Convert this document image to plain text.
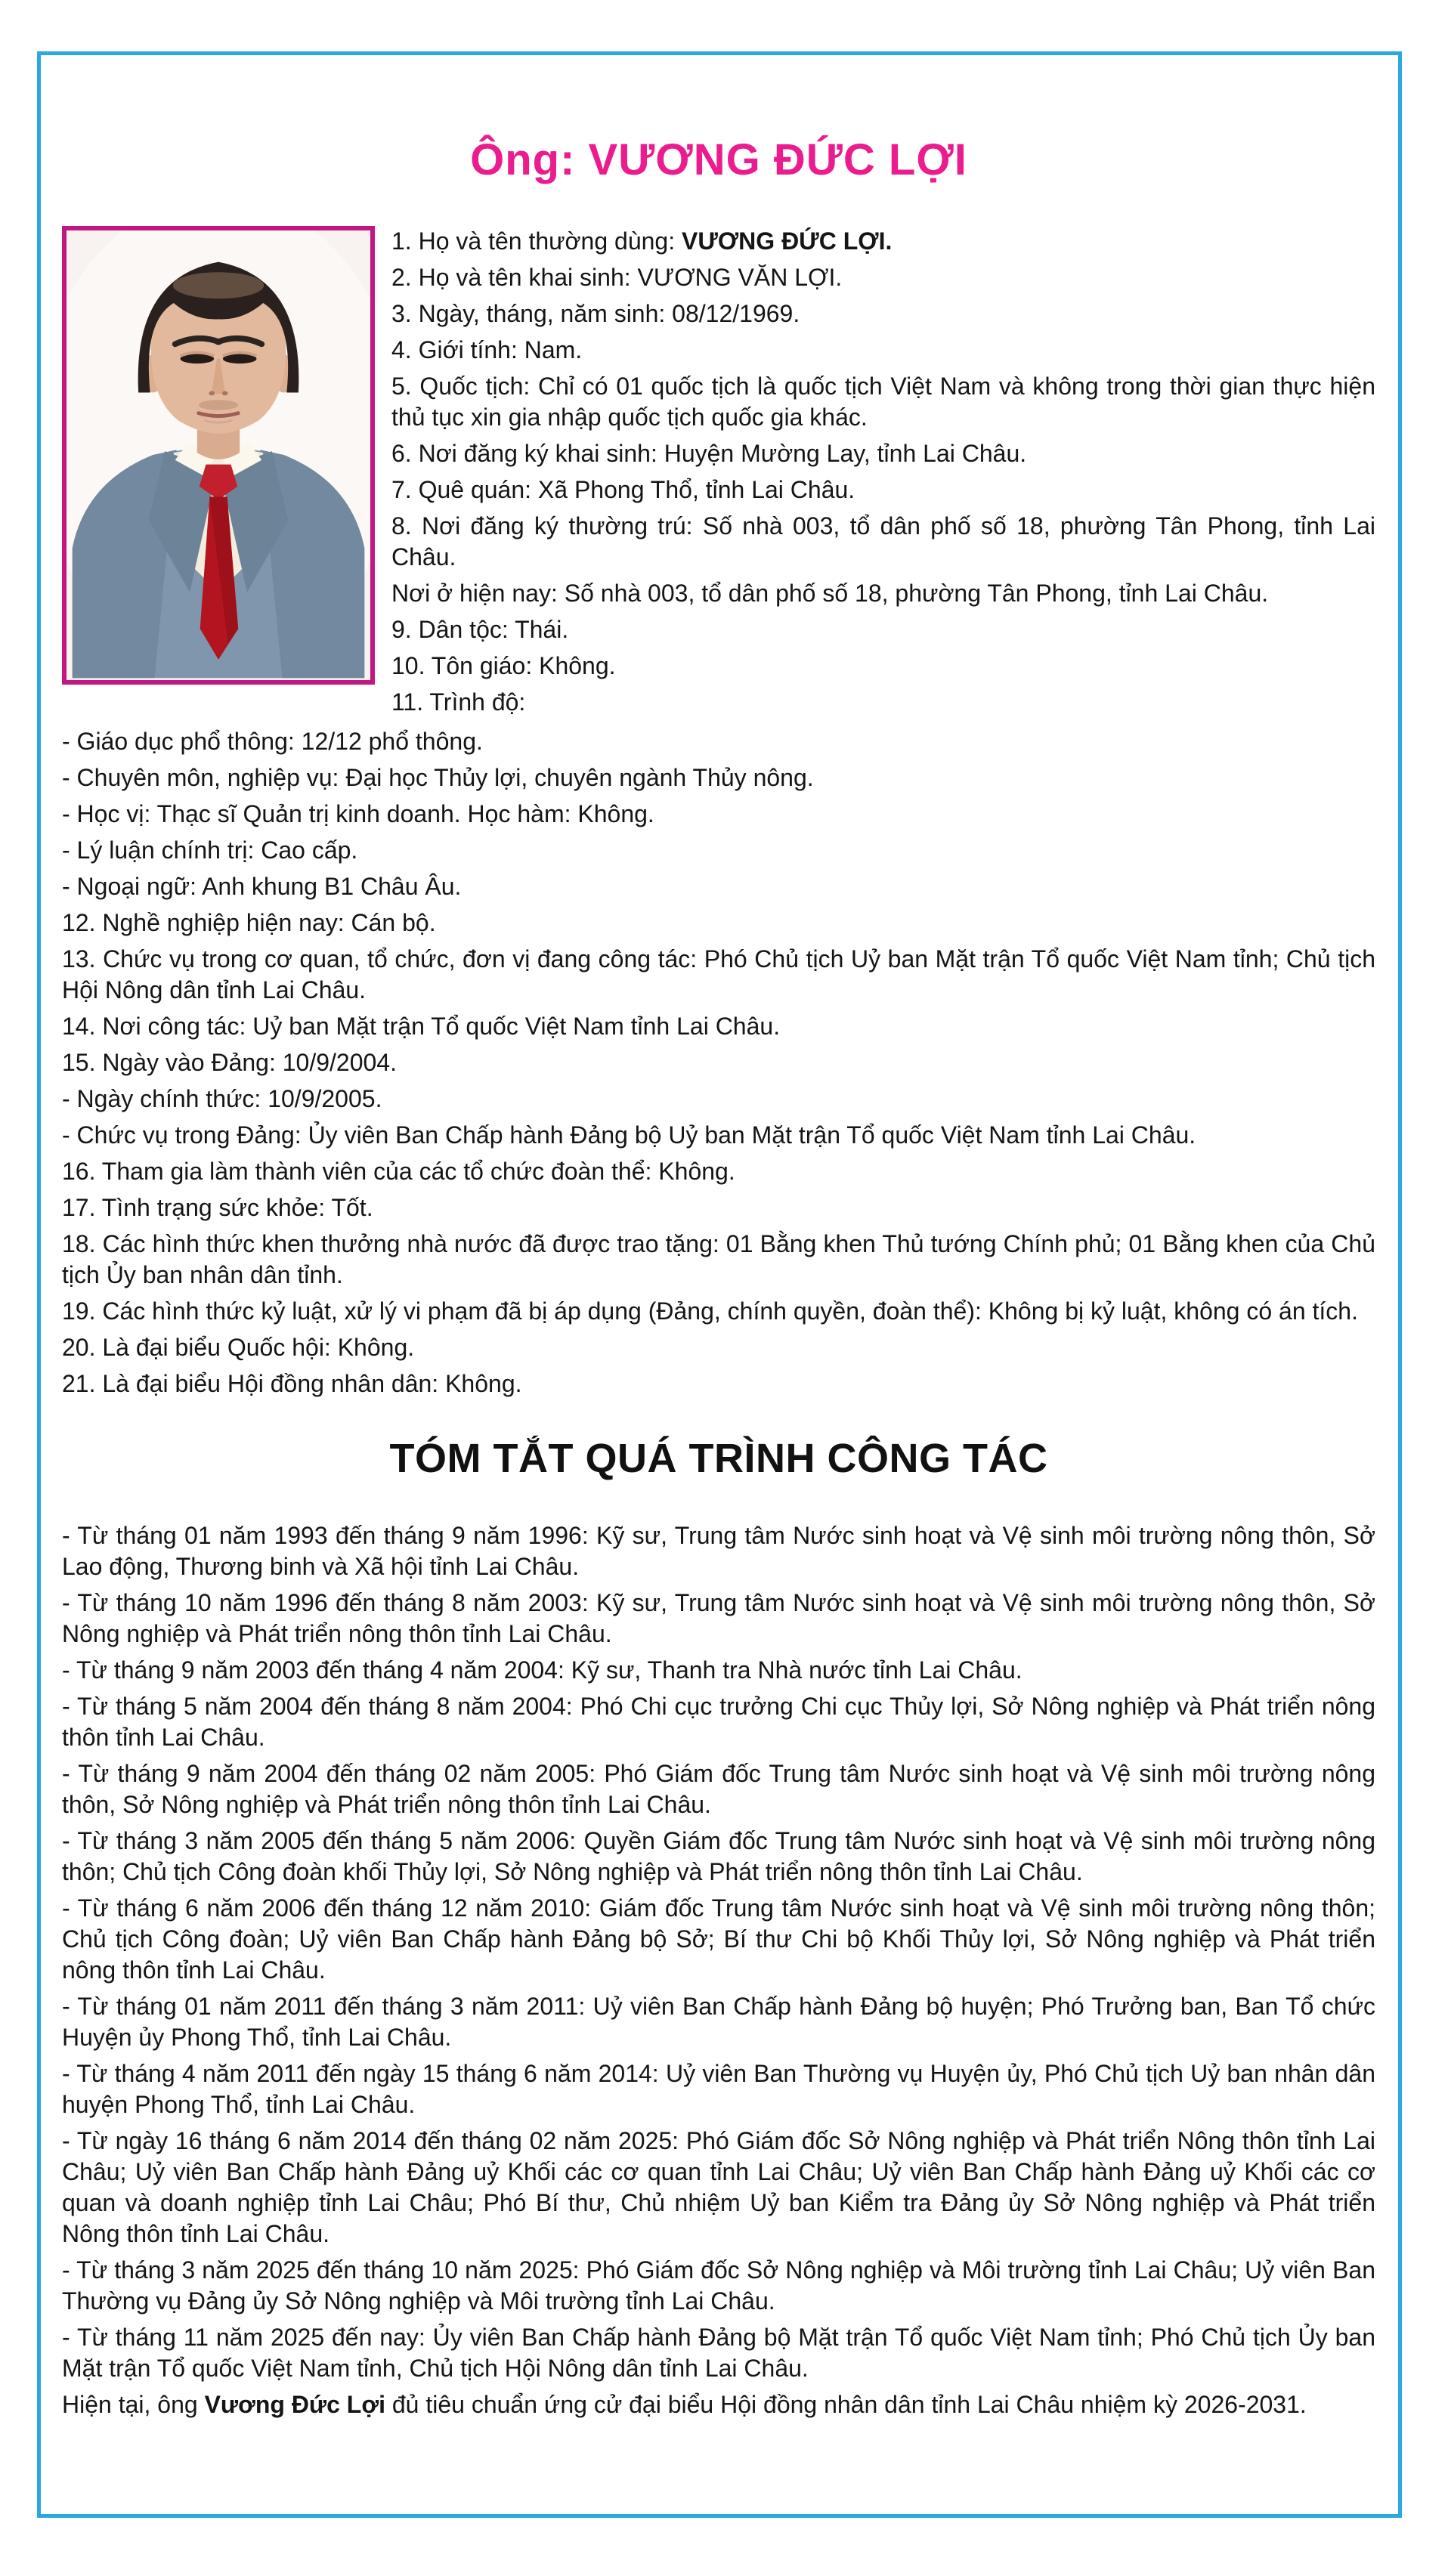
Ông: VƯƠNG ĐỨC LỢI

1. Họ và tên thường dùng: VƯƠNG ĐỨC LỢI.

2. Họ và tên khai sinh: VƯƠNG VĂN LỢI.

3. Ngày, tháng, năm sinh: 08/12/1969.

4. Giới tính: Nam.

5. Quốc tịch: Chỉ có 01 quốc tịch là quốc tịch Việt Nam và không trong thời gian thực hiện thủ tục xin gia nhập quốc tịch quốc gia khác.

6. Nơi đăng ký khai sinh: Huyện Mường Lay, tỉnh Lai Châu.

7. Quê quán: Xã Phong Thổ, tỉnh Lai Châu.

8. Nơi đăng ký thường trú: Số nhà 003, tổ dân phố số 18, phường Tân Phong, tỉnh Lai Châu.

Nơi ở hiện nay: Số nhà 003, tổ dân phố số 18, phường Tân Phong, tỉnh Lai Châu.

9. Dân tộc: Thái.

10. Tôn giáo: Không.

11. Trình độ:

- Giáo dục phổ thông: 12/12 phổ thông.

- Chuyên môn, nghiệp vụ: Đại học Thủy lợi, chuyên ngành Thủy nông.

- Học vị: Thạc sĩ Quản trị kinh doanh. Học hàm: Không.

- Lý luận chính trị: Cao cấp.

- Ngoại ngữ: Anh khung B1 Châu Âu.

12. Nghề nghiệp hiện nay: Cán bộ.

13. Chức vụ trong cơ quan, tổ chức, đơn vị đang công tác: Phó Chủ tịch Uỷ ban Mặt trận Tổ quốc Việt Nam tỉnh; Chủ tịch Hội Nông dân tỉnh Lai Châu.

14. Nơi công tác: Uỷ ban Mặt trận Tổ quốc Việt Nam tỉnh Lai Châu.

15. Ngày vào Đảng: 10/9/2004.

- Ngày chính thức: 10/9/2005.

- Chức vụ trong Đảng: Ủy viên Ban Chấp hành Đảng bộ Uỷ ban Mặt trận Tổ quốc Việt Nam tỉnh Lai Châu.

16. Tham gia làm thành viên của các tổ chức đoàn thể: Không.

17. Tình trạng sức khỏe: Tốt.

18. Các hình thức khen thưởng nhà nước đã được trao tặng: 01 Bằng khen Thủ tướng Chính phủ; 01 Bằng khen của Chủ tịch Ủy ban nhân dân tỉnh.

19. Các hình thức kỷ luật, xử lý vi phạm đã bị áp dụng (Đảng, chính quyền, đoàn thể): Không bị kỷ luật, không có án tích.

20. Là đại biểu Quốc hội: Không.

21. Là đại biểu Hội đồng nhân dân: Không.

TÓM TẮT QUÁ TRÌNH CÔNG TÁC

- Từ tháng 01 năm 1993 đến tháng 9 năm 1996: Kỹ sư, Trung tâm Nước sinh hoạt và Vệ sinh môi trường nông thôn, Sở Lao động, Thương binh và Xã hội tỉnh Lai Châu.

- Từ tháng 10 năm 1996 đến tháng 8 năm 2003: Kỹ sư, Trung tâm Nước sinh hoạt và Vệ sinh môi trường nông thôn, Sở Nông nghiệp và Phát triển nông thôn tỉnh Lai Châu.

- Từ tháng 9 năm 2003 đến tháng 4 năm 2004: Kỹ sư, Thanh tra Nhà nước tỉnh Lai Châu.

- Từ tháng 5 năm 2004 đến tháng 8 năm 2004: Phó Chi cục trưởng Chi cục Thủy lợi, Sở Nông nghiệp và Phát triển nông thôn tỉnh Lai Châu.

- Từ tháng 9 năm 2004 đến tháng 02 năm 2005: Phó Giám đốc Trung tâm Nước sinh hoạt và Vệ sinh môi trường nông thôn, Sở Nông nghiệp và Phát triển nông thôn tỉnh Lai Châu.

- Từ tháng 3 năm 2005 đến tháng 5 năm 2006: Quyền Giám đốc Trung tâm Nước sinh hoạt và Vệ sinh môi trường nông thôn; Chủ tịch Công đoàn khối Thủy lợi, Sở Nông nghiệp và Phát triển nông thôn tỉnh Lai Châu.

- Từ tháng 6 năm 2006 đến tháng 12 năm 2010: Giám đốc Trung tâm Nước sinh hoạt và Vệ sinh môi trường nông thôn; Chủ tịch Công đoàn; Uỷ viên Ban Chấp hành Đảng bộ Sở; Bí thư Chi bộ Khối Thủy lợi, Sở Nông nghiệp và Phát triển nông thôn tỉnh Lai Châu.

- Từ tháng 01 năm 2011 đến tháng 3 năm 2011: Uỷ viên Ban Chấp hành Đảng bộ huyện; Phó Trưởng ban, Ban Tổ chức Huyện ủy Phong Thổ, tỉnh Lai Châu.

- Từ tháng 4 năm 2011 đến ngày 15 tháng 6 năm 2014: Uỷ viên Ban Thường vụ Huyện ủy, Phó Chủ tịch Uỷ ban nhân dân huyện Phong Thổ, tỉnh Lai Châu.

- Từ ngày 16 tháng 6 năm 2014 đến tháng 02 năm 2025: Phó Giám đốc Sở Nông nghiệp và Phát triển Nông thôn tỉnh Lai Châu; Uỷ viên Ban Chấp hành Đảng uỷ Khối các cơ quan tỉnh Lai Châu; Uỷ viên Ban Chấp hành Đảng uỷ Khối các cơ quan và doanh nghiệp tỉnh Lai Châu; Phó Bí thư, Chủ nhiệm Uỷ ban Kiểm tra Đảng ủy Sở Nông nghiệp và Phát triển Nông thôn tỉnh Lai Châu.

- Từ tháng 3 năm 2025 đến tháng 10 năm 2025: Phó Giám đốc Sở Nông nghiệp và Môi trường tỉnh Lai Châu; Uỷ viên Ban Thường vụ Đảng ủy Sở Nông nghiệp và Môi trường tỉnh Lai Châu.

- Từ tháng 11 năm 2025 đến nay: Ủy viên Ban Chấp hành Đảng bộ Mặt trận Tổ quốc Việt Nam tỉnh; Phó Chủ tịch Ủy ban Mặt trận Tổ quốc Việt Nam tỉnh, Chủ tịch Hội Nông dân tỉnh Lai Châu.

Hiện tại, ông Vương Đức Lợi đủ tiêu chuẩn ứng cử đại biểu Hội đồng nhân dân tỉnh Lai Châu nhiệm kỳ 2026-2031.
